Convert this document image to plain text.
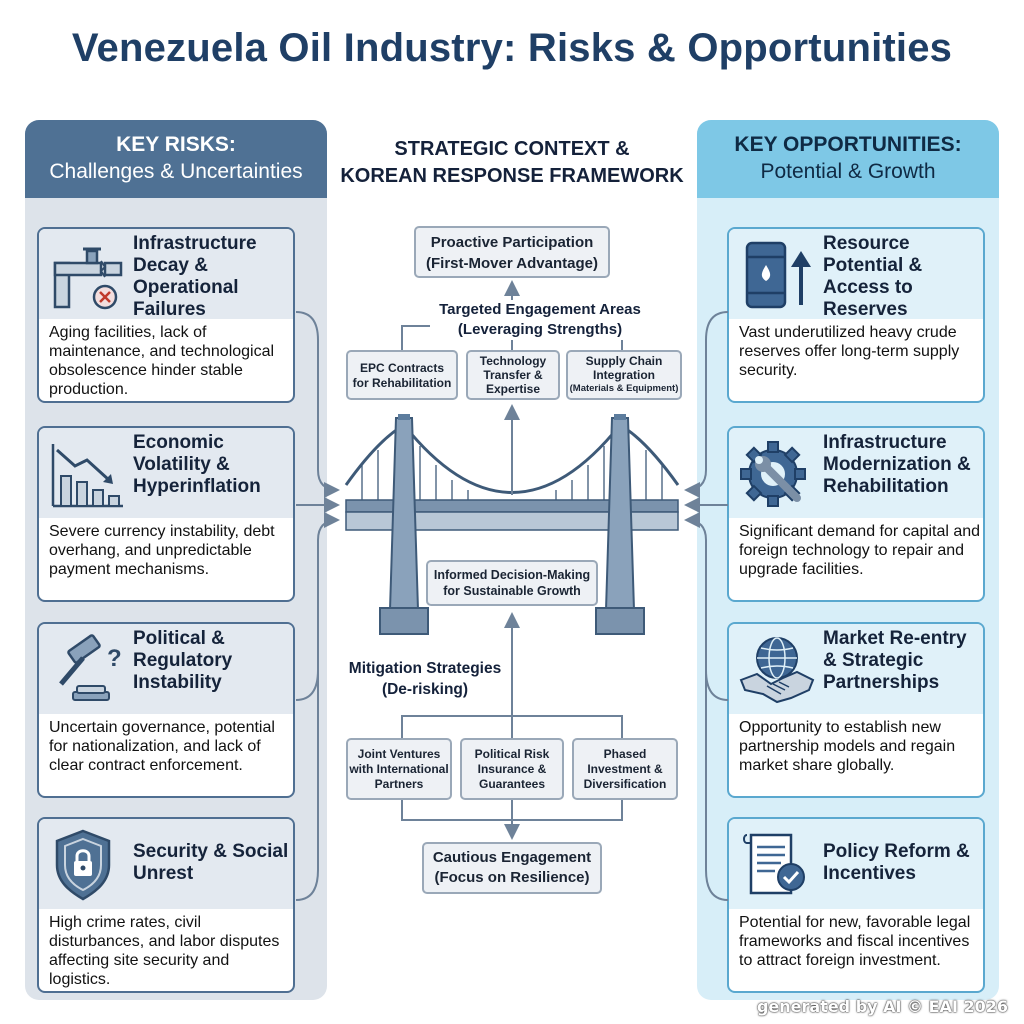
Venezuela Oil Industry: Risks & Opportunities
KEY RISKS:
Challenges & Uncertainties
Infrastructure Decay & Operational Failures
Aging facilities, lack of maintenance, and technological obsolescence hinder stable production.
Economic Volatility & Hyperinflation
Severe currency instability, debt overhang, and unpredictable payment mechanisms.
?
Political & Regulatory Instability
Uncertain governance, potential for nationalization, and lack of clear contract enforcement.
Security & Social Unrest
High crime rates, civil disturbances, and labor disputes affecting site security and logistics.
KEY OPPORTUNITIES:
Potential & Growth
Resource Potential & Access to Reserves
Vast underutilized heavy crude reserves offer long-term supply security.
Infrastructure Modernization & Rehabilitation
Significant demand for capital and foreign technology to repair and upgrade facilities.
Market Re-entry & Strategic Partnerships
Opportunity to establish new partnership models and regain market share globally.
Policy Reform & Incentives
Potential for new, favorable legal frameworks and fiscal incentives to attract foreign investment.
STRATEGIC CONTEXT &
KOREAN RESPONSE FRAMEWORK
Proactive Participation
(First-Mover Advantage)
Targeted Engagement Areas
(Leveraging Strengths)
EPC Contracts
for Rehabilitation
Technology
Transfer &
Expertise
Supply Chain
Integration
(Materials & Equipment)
Informed Decision-Making
for Sustainable Growth
Mitigation Strategies
(De-risking)
Joint Ventures
with International
Partners
Political Risk
Insurance &
Guarantees
Phased
Investment &
Diversification
Cautious Engagement
(Focus on Resilience)
generated by AI © EAI 2026
